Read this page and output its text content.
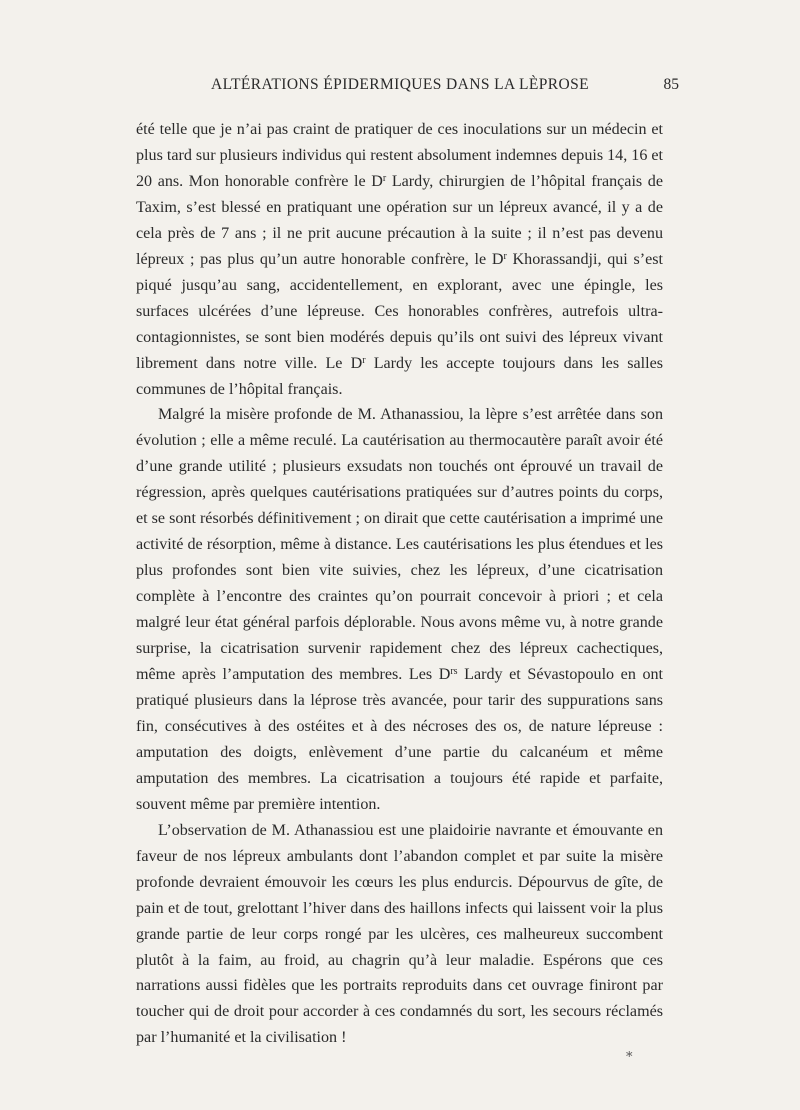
ALTÉRATIONS ÉPIDERMIQUES DANS LA LÈPROSE	85

été telle que je n’ai pas craint de pratiquer de ces inoculations sur un médecin et plus tard sur plusieurs individus qui restent absolument indemnes depuis 14, 16 et 20 ans. Mon honorable confrère le $D^r$ Lardy, chirurgien de l’hôpital français de Taxim, s’est blessé en pratiquant une opération sur un lépreux avancé, il y a de cela près de 7 ans ; il ne prit aucune précaution à la suite ; il n’est pas devenu lépreux ; pas plus qu’un autre honorable confrère, le $D^r$ Khorassandji, qui s’est piqué jusqu’au sang, accidentellement, en explorant, avec une épingle, les surfaces ulcérées d’une lépreuse. Ces honorables confrères, autrefois ultra-contagionnistes, se sont bien modérés depuis qu’ils ont suivi des lépreux vivant librement dans notre ville. Le $D^r$ Lardy les accepte toujours dans les salles communes de l’hôpital français.

Malgré la misère profonde de M. Athanassiou, la lèpre s’est arrêtée dans son évolution ; elle a même reculé. La cautérisation au thermocautère paraît avoir été d’une grande utilité ; plusieurs exsudats non touchés ont éprouvé un travail de régression, après quelques cautérisations pratiquées sur d’autres points du corps, et se sont résorbés définitivement ; on dirait que cette cautérisation a imprimé une activité de résorption, même à distance. Les cautérisations les plus étendues et les plus profondes sont bien vite suivies, chez les lépreux, d’une cicatrisation complète à l’encontre des craintes qu’on pourrait concevoir à priori ; et cela malgré leur état général parfois déplorable. Nous avons même vu, à notre grande surprise, la cicatrisation survenir rapidement chez des lépreux cachectiques, même après l’amputation des membres. Les $D^{rs}$ Lardy et Sévastopoulo en ont pratiqué plusieurs dans la léprose très avancée, pour tarir des suppurations sans fin, consécutives à des ostéites et à des nécroses des os, de nature lépreuse : amputation des doigts, enlèvement d’une partie du calcanéum et même amputation des membres. La cicatrisation a toujours été rapide et parfaite, souvent même par première intention.

L’observation de M. Athanassiou est une plaidoirie navrante et émouvante en faveur de nos lépreux ambulants dont l’abandon complet et par suite la misère profonde devraient émouvoir les cœurs les plus endurcis. Dépourvus de gîte, de pain et de tout, grelottant l’hiver dans des haillons infects qui laissent voir la plus grande partie de leur corps rongé par les ulcères, ces malheureux succombent plutôt à la faim, au froid, au chagrin qu’à leur maladie. Espérons que ces narrations aussi fidèles que les portraits reproduits dans cet ouvrage finiront par toucher qui de droit pour accorder à ces condamnés du sort, les secours réclamés par l’humanité et la civilisation !

*
